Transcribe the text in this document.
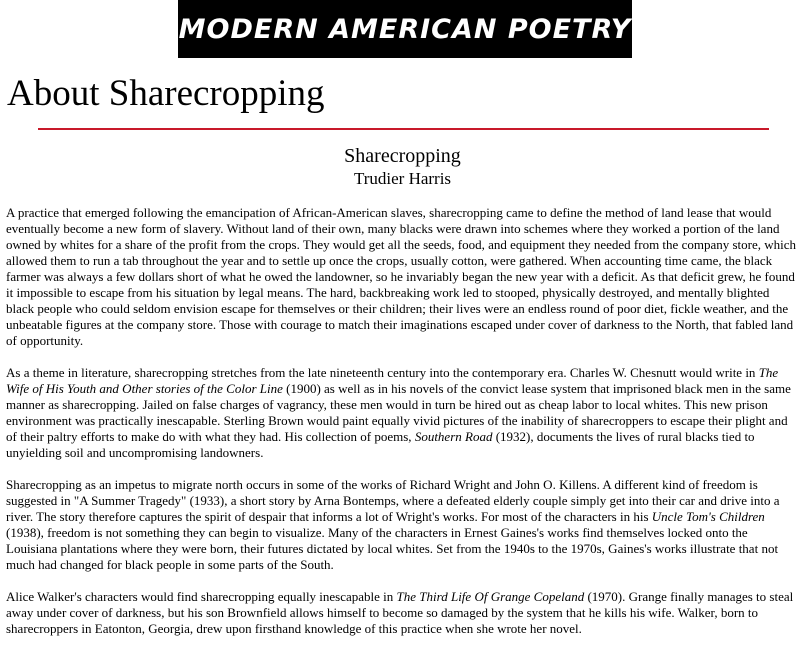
MODERN AMERICAN POETRY
About Sharecropping
Sharecropping
Trudier Harris

A practice that emerged following the emancipation of African-American slaves, sharecropping came to define the method of land lease that would eventually become a new form of slavery. Without land of their own, many blacks were drawn into schemes where they worked a portion of the land owned by whites for a share of the profit from the crops. They would get all the seeds, food, and equipment they needed from the company store, which allowed them to run a tab throughout the year and to settle up once the crops, usually cotton, were gathered. When accounting time came, the black farmer was always a few dollars short of what he owed the landowner, so he invariably began the new year with a deficit. As that deficit grew, he found it impossible to escape from his situation by legal means. The hard, backbreaking work led to stooped, physically destroyed, and mentally blighted black people who could seldom envision escape for themselves or their children; their lives were an endless round of poor diet, fickle weather, and the unbeatable figures at the company store. Those with courage to match their imaginations escaped under cover of darkness to the North, that fabled land of opportunity.

As a theme in literature, sharecropping stretches from the late nineteenth century into the contemporary era. Charles W. Chesnutt would write in The Wife of His Youth and Other stories of the Color Line (1900) as well as in his novels of the convict lease system that imprisoned black men in the same manner as sharecropping. Jailed on false charges of vagrancy, these men would in turn be hired out as cheap labor to local whites. This new prison environment was practically inescapable. Sterling Brown would paint equally vivid pictures of the inability of sharecroppers to escape their plight and of their paltry efforts to make do with what they had. His collection of poems, Southern Road (1932), documents the lives of rural blacks tied to unyielding soil and uncompromising landowners.

Sharecropping as an impetus to migrate north occurs in some of the works of Richard Wright and John O. Killens. A different kind of freedom is suggested in "A Summer Tragedy" (1933), a short story by Arna Bontemps, where a defeated elderly couple simply get into their car and drive into a river. The story therefore captures the spirit of despair that informs a lot of Wright's works. For most of the characters in his Uncle Tom's Children (1938), freedom is not something they can begin to visualize. Many of the characters in Ernest Gaines's works find themselves locked onto the Louisiana plantations where they were born, their futures dictated by local whites. Set from the 1940s to the 1970s, Gaines's works illustrate that not much had changed for black people in some parts of the South.

Alice Walker's characters would find sharecropping equally inescapable in The Third Life Of Grange Copeland (1970). Grange finally manages to steal away under cover of darkness, but his son Brownfield allows himself to become so damaged by the system that he kills his wife. Walker, born to sharecroppers in Eatonton, Georgia, drew upon firsthand knowledge of this practice when she wrote her novel.
